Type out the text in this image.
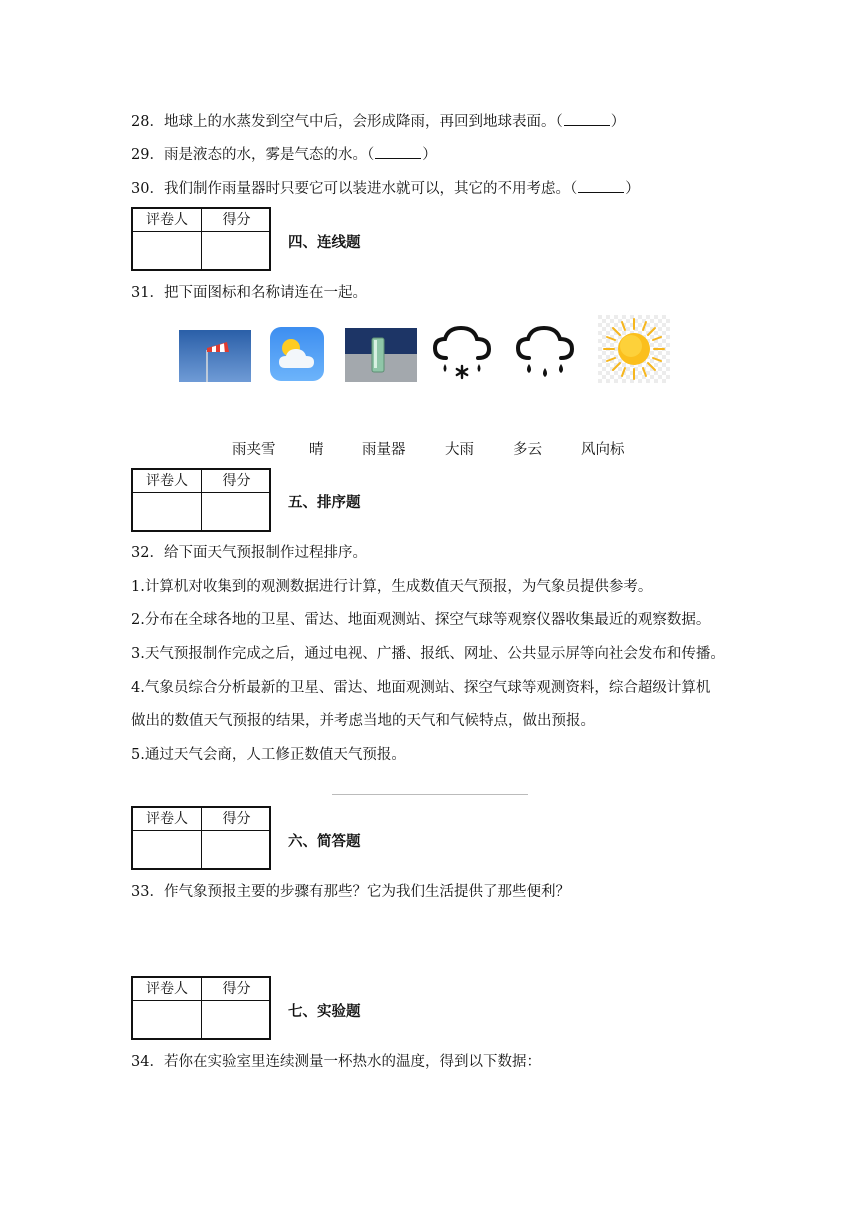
28．地球上的水蒸发到空气中后，会形成降雨，再回到地球表面。（	）
29．雨是液态的水，雾是气态的水。（	）
30．我们制作雨量器时只要它可以装进水就可以，其它的不用考虑。（	）
评卷人	得分
四、连线题
31．把下面图标和名称请连在一起。
雨夹雪 晴	雨量器	大雨	多云	风向标
评卷人	得分
五、排序题
32．给下面天气预报制作过程排序。
1.计算机对收集到的观测数据进行计算，生成数值天气预报，为气象员提供参考。
2.分布在全球各地的卫星、雷达、地面观测站、探空气球等观察仪器收集最近的观察数据。
3.天气预报制作完成之后，通过电视、广播、报纸、网址、公共显示屏等向社会发布和传播。
4.气象员综合分析最新的卫星、雷达、地面观测站、探空气球等观测资料，综合超级计算机
做出的数值天气预报的结果，并考虑当地的天气和气候特点，做出预报。
5.通过天气会商，人工修正数值天气预报。
评卷人	得分
六、简答题
33．作气象预报主要的步骤有那些？它为我们生活提供了那些便利？
评卷人	得分
七、实验题
34．若你在实验室里连续测量一杯热水的温度，得到以下数据：
